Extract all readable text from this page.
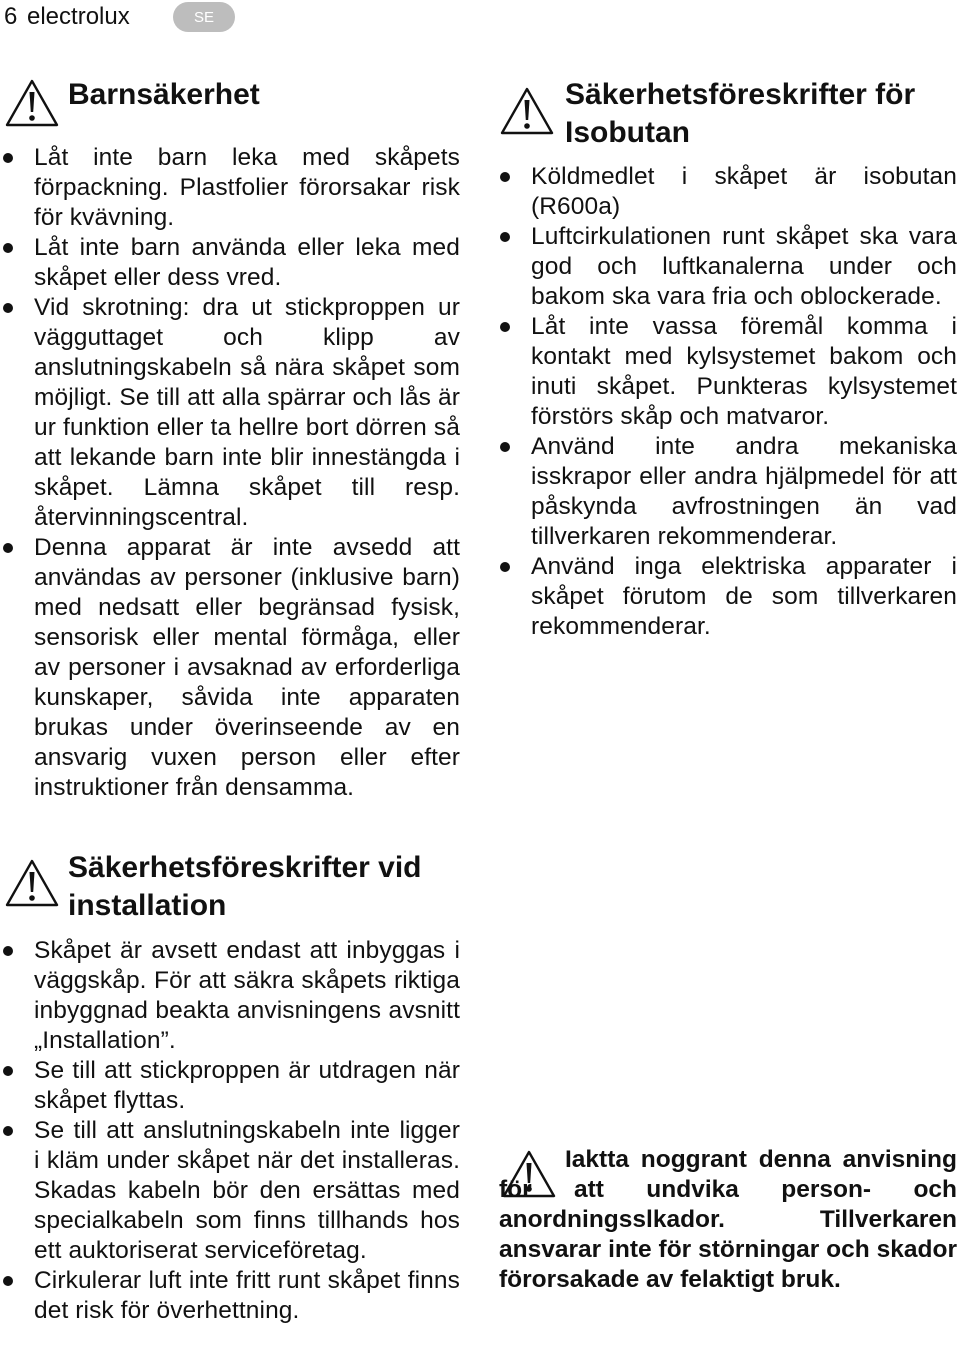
6 electrolux	SE
Barnsäkerhet
Låt inte barn leka med skåpets förpackning. Plastfolier förorsakar risk för kvävning.
Låt inte barn använda eller leka med skåpet eller dess vred.
Vid skrotning: dra ut stickproppen ur vägguttaget och klipp av anslutningskabeln så nära skåpet som möjligt. Se till att alla spärrar och lås är ur funktion eller ta hellre bort dörren så att lekande barn inte blir innestängda i skåpet. Lämna skåpet till resp. återvinningscentral.
Denna apparat är inte avsedd att användas av personer (inklusive barn) med nedsatt eller begränsad fysisk, sensorisk eller mental förmåga, eller av personer i avsaknad av erforderliga kunskaper, såvida inte apparaten brukas under överinseende av en ansvarig vuxen person eller efter instruktioner från densamma.
Säkerhetsföreskrifter vid installation
Skåpet är avsett endast att inbyggas i väggskåp. För att säkra skåpets riktiga inbyggnad beakta anvisningens avsnitt „Installation”.
Se till att stickproppen är utdragen när skåpet flyttas.
Se till att anslutningskabeln inte ligger i kläm under skåpet när det installeras. Skadas kabeln bör den ersättas med specialkabeln som finns tillhands hos ett auktoriserat serviceföretag.
Cirkulerar luft inte fritt runt skåpet finns det risk för överhettning.
Säkerhetsföreskrifter för Isobutan
Köldmedlet i skåpet är isobutan (R600a)
Luftcirkulationen runt skåpet ska vara god och luftkanalerna under och bakom ska vara fria och oblockerade.
Låt inte vassa föremål komma i kontakt med kylsystemet bakom och inuti skåpet. Punkteras kylsystemet förstörs skåp och matvaror.
Använd inte andra mekaniska isskrapor eller andra hjälpmedel för att påskynda avfrostningen än vad tillverkaren rekommenderar.
Använd inga elektriska apparater i skåpet förutom de som tillverkaren rekommenderar.
Iaktta noggrant denna anvisning för att undvika person- och anordningsslkador. Tillverkaren ansvarar inte för störningar och skador förorsakade av felaktigt bruk.
